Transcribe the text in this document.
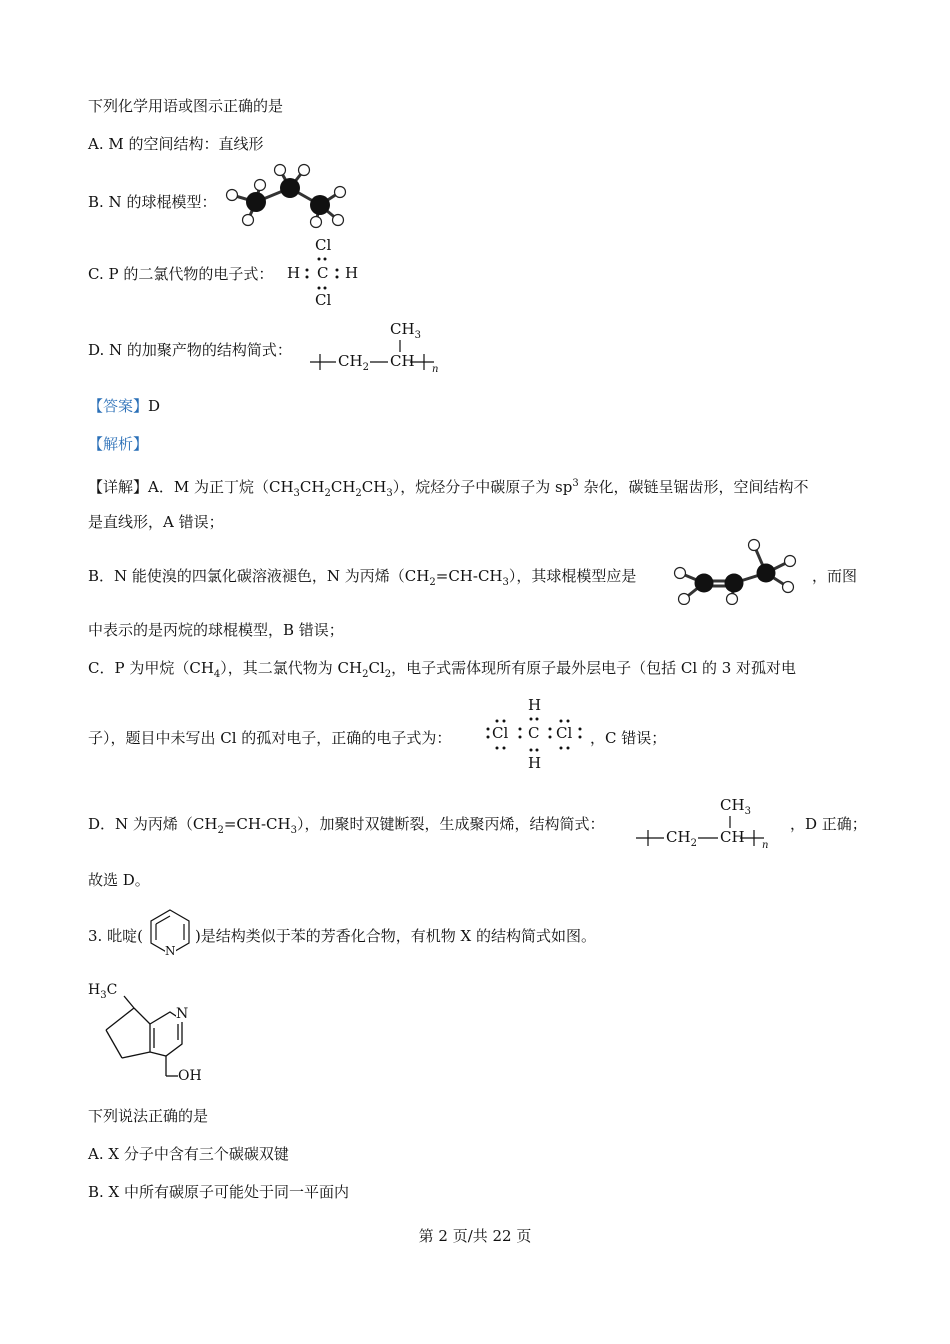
下列化学用语或图示正确的是
A. M 的空间结构：直线形
B. N 的球棍模型：
C. P 的二氯代物的电子式：
Cl
H C H
Cl
D. N 的加聚产物的结构简式：
$CH_3$
$CH_2$ CH n
【答案】D
【解析】
【详解】A．M 为正丁烷$(CH_3CH_2CH_2CH_3)$，烷烃分子中碳原子为 $sp^3$ 杂化，碳链呈锯齿形，空间结构不
是直线形，A 错误；
B．N 能使溴的四氯化碳溶液褪色，N 为丙烯$(CH_2=CH-CH_3)$，其球棍模型应是	，而图
中表示的是丙烷的球棍模型，B 错误；
C．P 为甲烷$(CH_4)$，其二氯代物为 $CH_2Cl_2$，电子式需体现所有原子最外层电子（包括 Cl 的 3 对孤对电
子），题目中未写出 Cl 的孤对电子，正确的电子式为：
H
Cl C Cl
H
，C 错误；
D．N 为丙烯$(CH_2=CH-CH_3)$，加聚时双键断裂，生成聚丙烯，结构简式：
$CH_3$
$CH_2$ CH n
，D 正确；
故选 D。
3. 吡啶(	)是结构类似于苯的芳香化合物，有机物 X 的结构简式如图。
N
$H_3C$
N
OH
下列说法正确的是
A. X 分子中含有三个碳碳双键
B. X 中所有碳原子可能处于同一平面内
第 2 页/共 22 页
